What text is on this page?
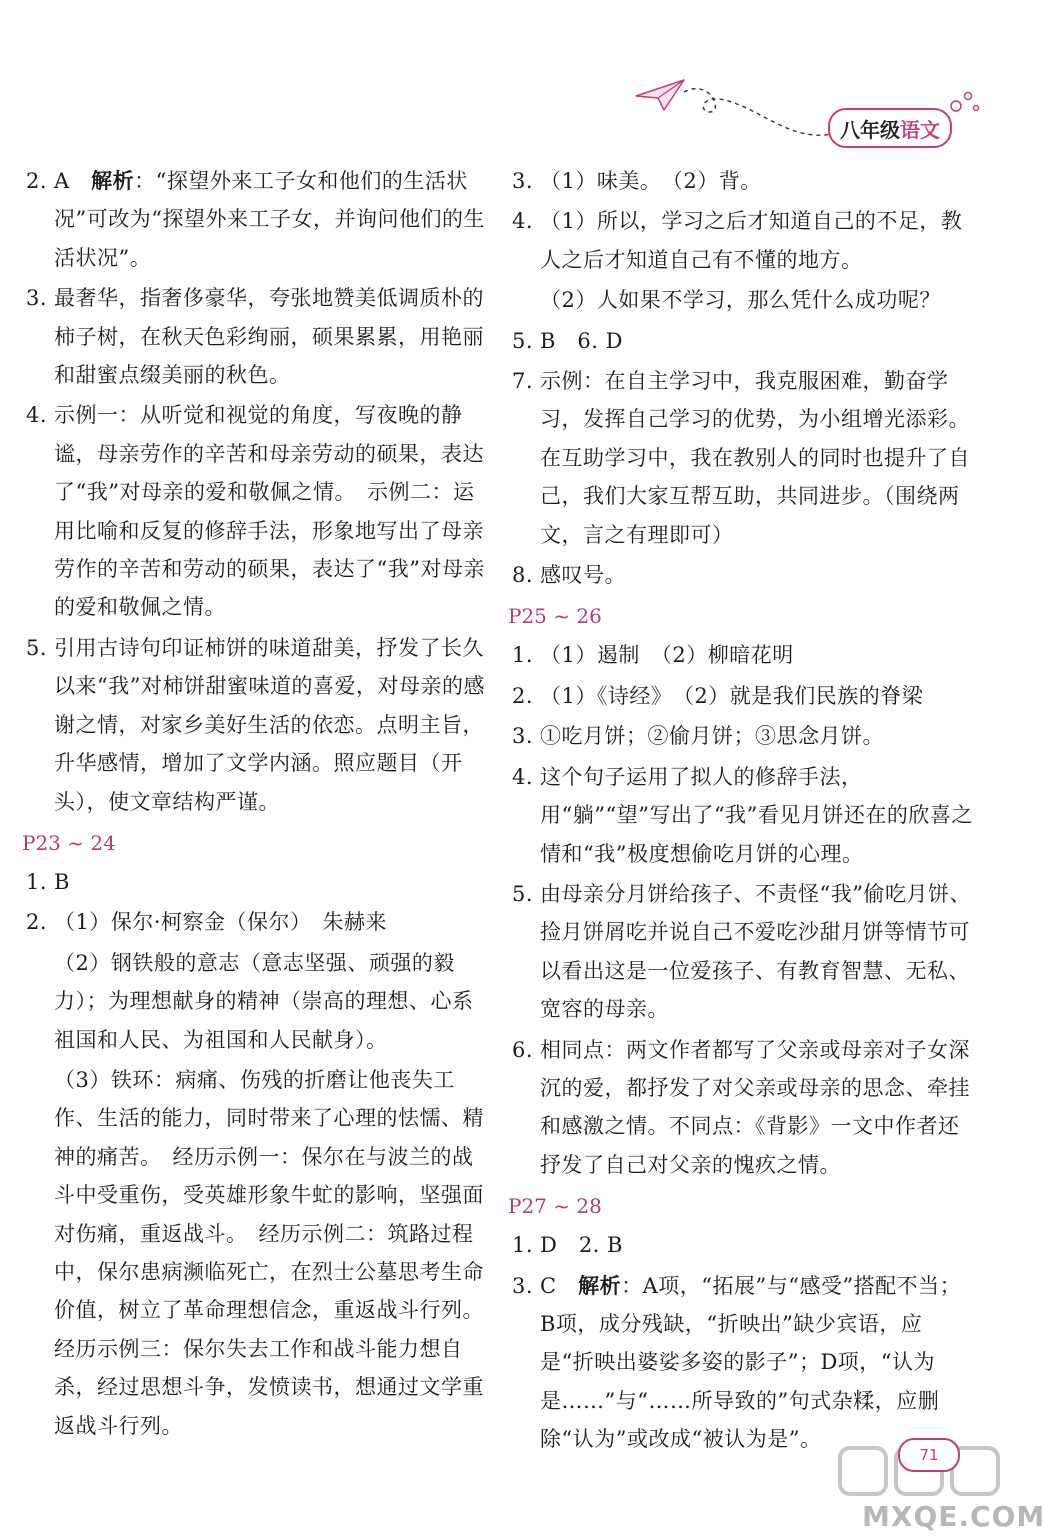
八年级 语文
2. A　解析：“探望外来工子女和他们的生活状况”可改为“探望外来工子女，并询问他们的生活状况”。
3. 最奢华，指奢侈豪华，夸张地赞美低调质朴的柿子树，在秋天色彩绚丽，硕果累累，用艳丽和甜蜜点缀美丽的秋色。
4. 示例一：从听觉和视觉的角度，写夜晚的静谧，母亲劳作的辛苦和母亲劳动的硕果，表达了“我”对母亲的爱和敬佩之情。　示例二：运用比喻和反复的修辞手法，形象地写出了母亲劳作的辛苦和劳动的硕果，表达了“我”对母亲的爱和敬佩之情。
5. 引用古诗句印证柿饼的味道甜美，抒发了长久以来“我”对柿饼甜蜜味道的喜爱，对母亲的感谢之情，对家乡美好生活的依恋。点明主旨，升华感情，增加了文学内涵。照应题目（开头），使文章结构严谨。
P23 ~ 24
1. B
2. （1）保尔·柯察金（保尔）　朱赫来
（2）钢铁般的意志（意志坚强、顽强的毅力）；为理想献身的精神（崇高的理想、心系祖国和人民、为祖国和人民献身）。
（3）铁环：病痛、伤残的折磨让他丧失工作、生活的能力，同时带来了心理的怯懦、精神的痛苦。　经历示例一：保尔在与波兰的战斗中受重伤，受英雄形象牛虻的影响，坚强面对伤痛，重返战斗。　经历示例二：筑路过程中，保尔患病濒临死亡，在烈士公墓思考生命价值，树立了革命理想信念，重返战斗行列。　经历示例三：保尔失去工作和战斗能力想自杀，经过思想斗争，发愤读书，想通过文学重返战斗行列。
3. （1）味美。　（2）背。
4. （1）所以，学习之后才知道自己的不足，教人之后才知道自己有不懂的地方。
（2）人如果不学习，那么凭什么成功呢？
5. B　6. D
7. 示例：在自主学习中，我克服困难，勤奋学习，发挥自己学习的优势，为小组增光添彩。在互助学习中，我在教别人的同时也提升了自己，我们大家互帮互助，共同进步。（围绕两文，言之有理即可）
8. 感叹号。
P25 ~ 26
1. （1）遏制　（2）柳暗花明
2. （1）《诗经》　（2）就是我们民族的脊梁
3. ①吃月饼；②偷月饼；③思念月饼。
4. 这个句子运用了拟人的修辞手法，用“躺”“望”写出了“我”看见月饼还在的欣喜之情和“我”极度想偷吃月饼的心理。
5. 由母亲分月饼给孩子、不责怪“我”偷吃月饼、捡月饼屑吃并说自己不爱吃沙甜月饼等情节可以看出这是一位爱孩子、有教育智慧、无私、宽容的母亲。
6. 相同点：两文作者都写了父亲或母亲对子女深沉的爱，都抒发了对父亲或母亲的思念、牵挂和感激之情。不同点：《背影》一文中作者还抒发了自己对父亲的愧疚之情。
P27 ~ 28
1. D　2. B
3. C　解析：A项，“拓展”与“感受”搭配不当；B项，成分残缺，“折映出”缺少宾语，应是“折映出婆娑多姿的影子”；D项，“认为是……”与“……所导致的”句式杂糅，应删除“认为”或改成“被认为是”。
71
MXQE.COM
